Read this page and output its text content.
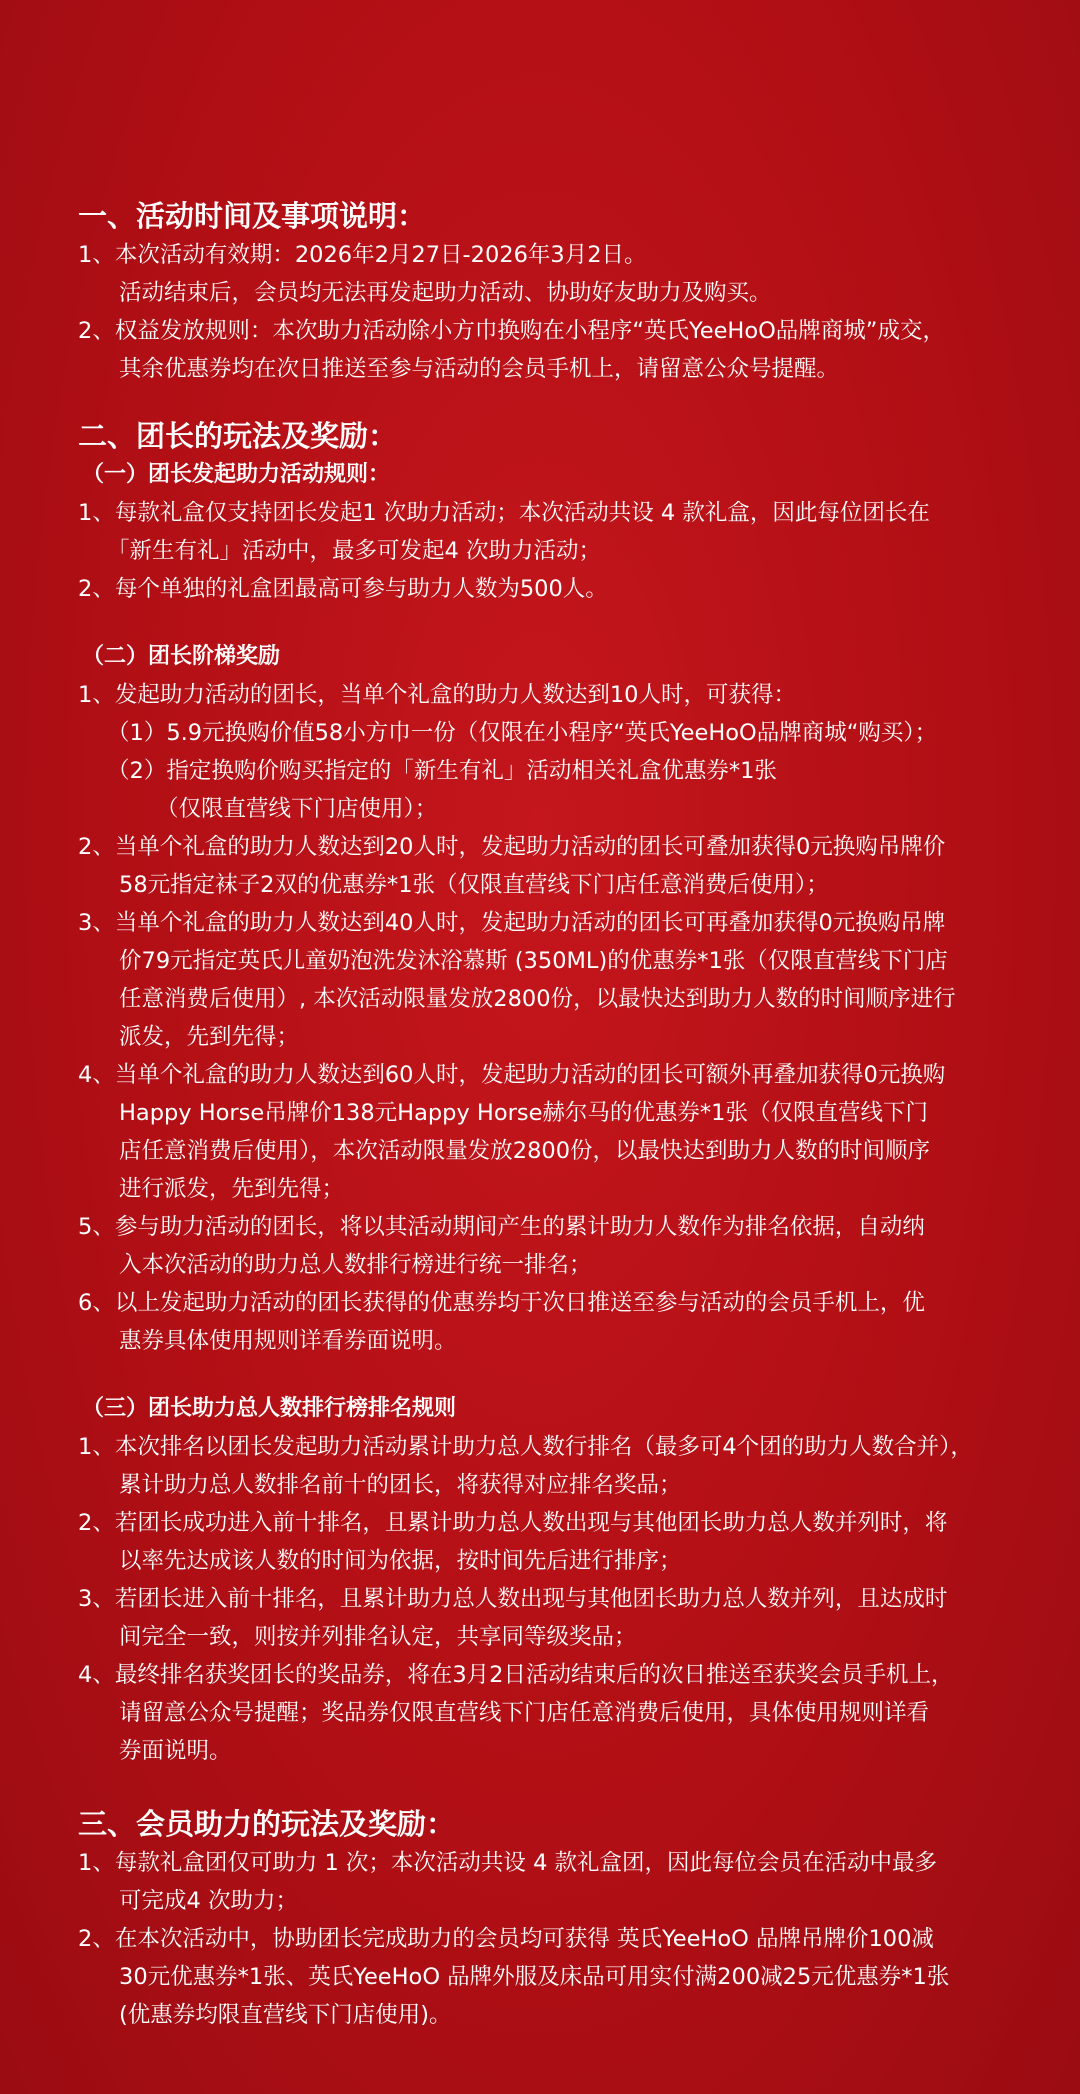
一、活动时间及事项说明：
1、本次活动有效期：2026年2月27日-2026年3月2日。
活动结束后，会员均无法再发起助力活动、协助好友助力及购买。
2、权益发放规则：本次助力活动除小方巾换购在小程序“英氏YeeHoO品牌商城”成交，
其余优惠券均在次日推送至参与活动的会员手机上，请留意公众号提醒。
二、团长的玩法及奖励：
（一）团长发起助力活动规则：
1、每款礼盒仅支持团长发起1 次助力活动；本次活动共设 4 款礼盒，因此每位团长在
「新生有礼」活动中，最多可发起4 次助力活动；
2、每个单独的礼盒团最高可参与助力人数为500人。
（二）团长阶梯奖励
1、发起助力活动的团长，当单个礼盒的助力人数达到10人时，可获得：
（1）5.9元换购价值58小方巾一份（仅限在小程序“英氏YeeHoO品牌商城“购买）；
（2）指定换购价购买指定的「新生有礼」活动相关礼盒优惠券*1张
（仅限直营线下门店使用）；
2、当单个礼盒的助力人数达到20人时，发起助力活动的团长可叠加获得0元换购吊牌价
58元指定袜子2双的优惠券*1张（仅限直营线下门店任意消费后使用）；
3、当单个礼盒的助力人数达到40人时，发起助力活动的团长可再叠加获得0元换购吊牌
价79元指定英氏儿童奶泡洗发沐浴慕斯 (350ML)的优惠券*1张（仅限直营线下门店
任意消费后使用）, 本次活动限量发放2800份，以最快达到助力人数的时间顺序进行
派发，先到先得；
4、当单个礼盒的助力人数达到60人时，发起助力活动的团长可额外再叠加获得0元换购
Happy Horse吊牌价138元Happy Horse赫尔马的优惠券*1张（仅限直营线下门
店任意消费后使用），本次活动限量发放2800份，以最快达到助力人数的时间顺序
进行派发，先到先得；
5、参与助力活动的团长，将以其活动期间产生的累计助力人数作为排名依据，自动纳
入本次活动的助力总人数排行榜进行统一排名；
6、以上发起助力活动的团长获得的优惠券均于次日推送至参与活动的会员手机上，优
惠券具体使用规则详看券面说明。
（三）团长助力总人数排行榜排名规则
1、本次排名以团长发起助力活动累计助力总人数行排名（最多可4个团的助力人数合并），
累计助力总人数排名前十的团长，将获得对应排名奖品；
2、若团长成功进入前十排名，且累计助力总人数出现与其他团长助力总人数并列时，将
以率先达成该人数的时间为依据，按时间先后进行排序；
3、若团长进入前十排名，且累计助力总人数出现与其他团长助力总人数并列，且达成时
间完全一致，则按并列排名认定，共享同等级奖品；
4、最终排名获奖团长的奖品券，将在3月2日活动结束后的次日推送至获奖会员手机上，
请留意公众号提醒；奖品券仅限直营线下门店任意消费后使用，具体使用规则详看
券面说明。
三、会员助力的玩法及奖励：
1、每款礼盒团仅可助力 1 次；本次活动共设 4 款礼盒团，因此每位会员在活动中最多
可完成4 次助力；
2、在本次活动中，协助团长完成助力的会员均可获得 英氏YeeHoO 品牌吊牌价100减
30元优惠券*1张、英氏YeeHoO 品牌外服及床品可用实付满200减25元优惠券*1张
(优惠券均限直营线下门店使用)。
